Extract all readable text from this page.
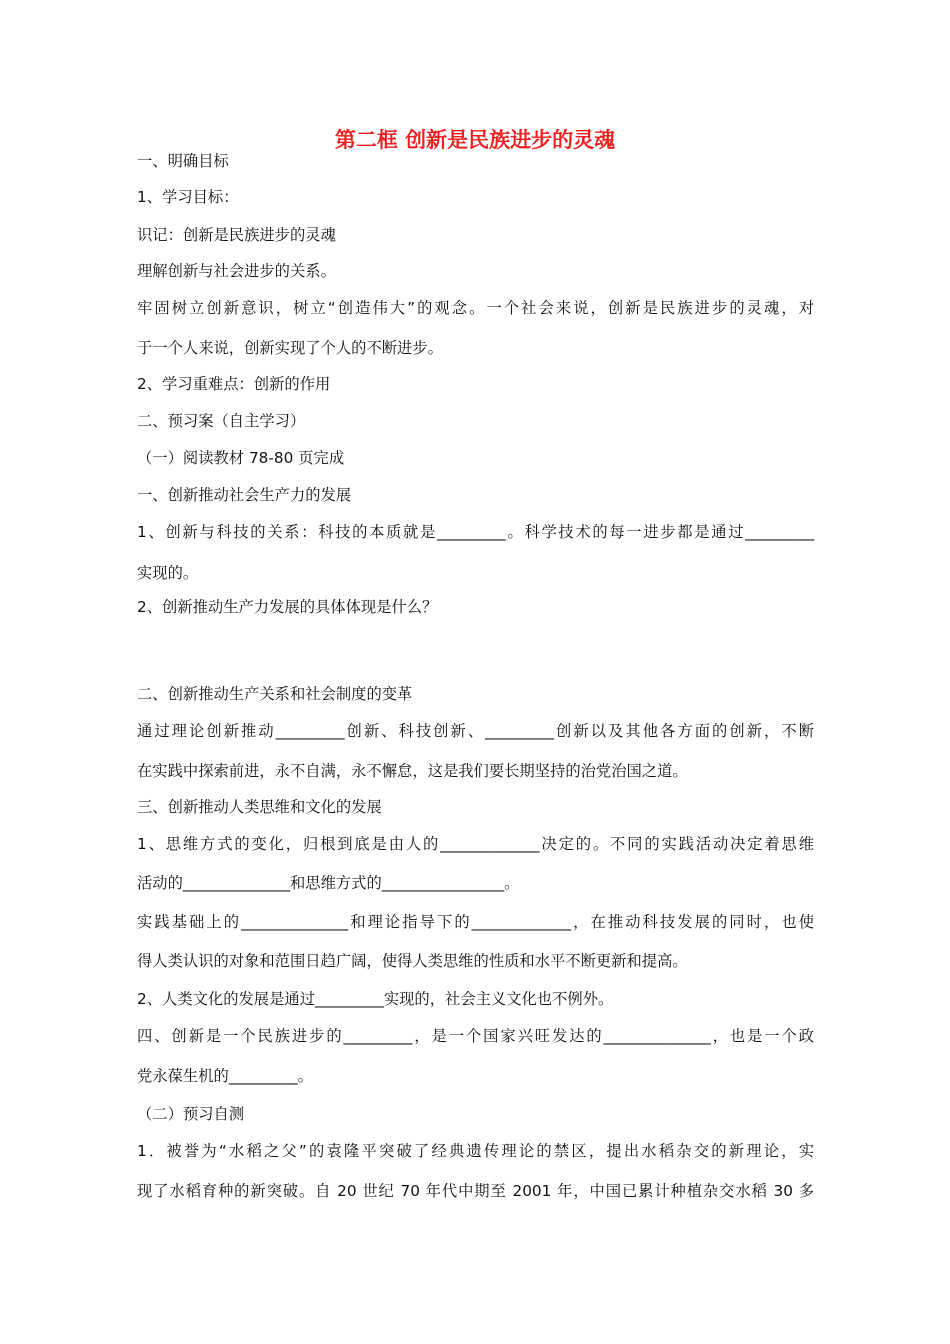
第二框 创新是民族进步的灵魂
一、明确目标
1、学习目标：
识记：创新是民族进步的灵魂
理解创新与社会进步的关系。
牢固树立创新意识，树立“创造伟大”的观念。一个社会来说，创新是民族进步的灵魂，对
于一个人来说，创新实现了个人的不断进步。
2、学习重难点：创新的作用
二、预习案（自主学习）
（一）阅读教材 78-80 页完成
一、创新推动社会生产力的发展
1、创新与科技的关系：科技的本质就是_________。科学技术的每一进步都是通过_________
实现的。
2、创新推动生产力发展的具体体现是什么？
二、创新推动生产关系和社会制度的变革
通过理论创新推动_________创新、科技创新、_________创新以及其他各方面的创新，不断
在实践中探索前进，永不自满，永不懈怠，这是我们要长期坚持的治党治国之道。
三、创新推动人类思维和文化的发展
1、思维方式的变化，归根到底是由人的_____________决定的。不同的实践活动决定着思维
活动的______________和思维方式的________________。
实践基础上的______________和理论指导下的_____________，在推动科技发展的同时，也使
得人类认识的对象和范围日趋广阔，使得人类思维的性质和水平不断更新和提高。
2、人类文化的发展是通过_________实现的，社会主义文化也不例外。
四、创新是一个民族进步的_________，是一个国家兴旺发达的______________，也是一个政
党永葆生机的_________。
（二）预习自测
1．被誉为“水稻之父”的袁隆平突破了经典遗传理论的禁区，提出水稻杂交的新理论，实
现了水稻育种的新突破。自 20 世纪 70 年代中期至 2001 年，中国已累计种植杂交水稻 30 多
